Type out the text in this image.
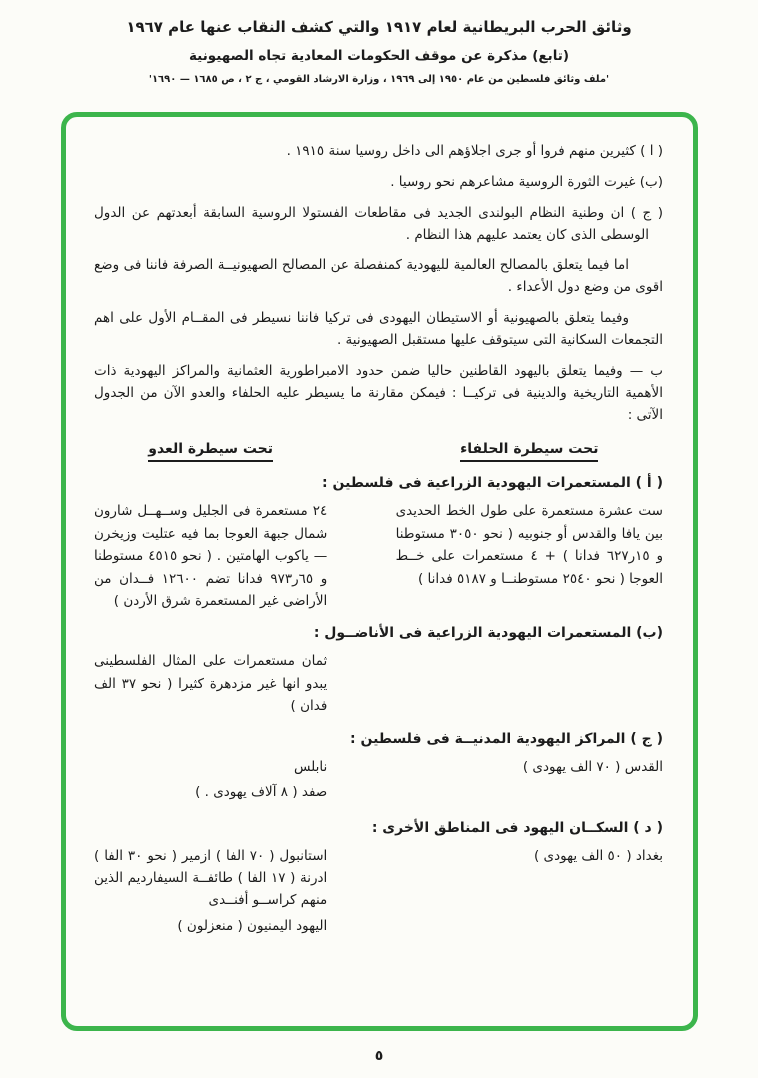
وثائق الحرب البريطانية لعام ١٩١٧ والتي كشف النقاب عنها عام ١٩٦٧
(تابع) مذكرة عن موقف الحكومات المعادية تجاه الصهيونية
'ملف وثائق فلسطين من عام ١٩٥٠ إلى ١٩٦٩ ، وزارة الارشاد القومي ، ج ٢ ، ص ١٦٨٥ — ١٦٩٠'

( ا ) كثيرين منهم فروا أو جرى اجلاؤهم الى داخل روسيا سنة ١٩١٥ .

(ب) غيرت الثورة الروسية مشاعرهم نحو روسيا .

( ج ) ان وطنية النظام البولندى الجديد فى مقاطعات الفستولا الروسية السابقة أبعدتهم عن الدول الوسطى الذى كان يعتمد عليهم هذا النظام .

اما فيما يتعلق بالمصالح العالمية لليهودية كمنفصلة عن المصالح الصهيونيــة الصرفة فاننا فى وضع اقوى من وضع دول الأعداء .

وفيما يتعلق بالصهيونية أو الاستيطان اليهودى فى تركيا فاننا نسيطر فى المقــام الأول على اهم التجمعات السكانية التى سيتوقف عليها مستقبل الصهيونية .

ب — وفيما يتعلق باليهود القاطنين حاليا ضمن حدود الامبراطورية العثمانية والمراكز اليهودية ذات الأهمية التاريخية والدينية فى تركيــا : فيمكن مقارنة ما يسيطر عليه الحلفاء والعدو الآن من الجدول الآتى :

تحت سيطرة الحلفاء
تحت سيطرة العدو
( أ ) المستعمرات اليهودية الزراعية فى فلسطين :
ست عشرة مستعمرة على طول الخط الحديدى بين يافا والقدس أو جنوبيه ( نحو ٣٠٥٠ مستوطنا و ١٥ر٦٢٧ فدانا ) + ٤ مستعمرات على خــط العوجا ( نحو ٢٥٤٠ مستوطنــا و ٥١٨٧ فدانا )
٢٤ مستعمرة فى الجليل وســهــل شارون شمال جبهة العوجا بما فيه عتليت وزيخرن — ياكوب الهامتين . ( نحو ٤٥١٥ مستوطنا و ٦٥ر٩٧٣ فدانا تضم ١٢٦٠٠ فــدان من الأراضى غير المستعمرة شرق الأردن )
(ب) المستعمرات اليهودية الزراعية فى الأناضــول :
ثمان مستعمرات على المثال الفلسطينى يبدو انها غير مزدهرة كثيرا ( نحو ٣٧ الف فدان )
( ج ) المراكز اليهودية المدنيــة فى فلسطين :
القدس ( ٧٠ الف يهودى )
نابلس
صفد ( ٨ آلاف يهودى . )
( د ) السكــان اليهود فى المناطق الأخرى :
بغداد ( ٥٠ الف يهودى )
استانبول ( ٧٠ الفا ) ازمير ( نحو ٣٠ الفا ) ادرنة ( ١٧ الفا ) طائفــة السيفارديم الذين منهم كراســو أفنــدى
اليهود اليمنيون ( منعزلون )
٥
